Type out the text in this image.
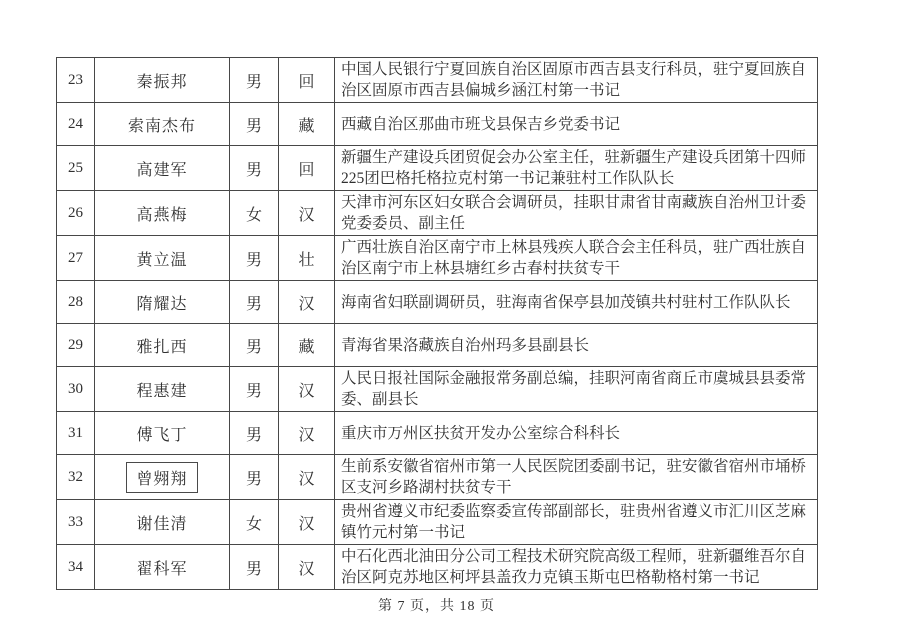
23	秦振邦	男	回	中国人民银行宁夏回族自治区固原市西吉县支行科员，驻宁夏回族自治区固原市西吉县偏城乡涵江村第一书记
24	索南杰布	男	藏	西藏自治区那曲市班戈县保吉乡党委书记
25	高建军	男	回	新疆生产建设兵团贸促会办公室主任，驻新疆生产建设兵团第十四师225团巴格托格拉克村第一书记兼驻村工作队队长
26	高燕梅	女	汉	天津市河东区妇女联合会调研员，挂职甘肃省甘南藏族自治州卫计委党委委员、副主任
27	黄立温	男	壮	广西壮族自治区南宁市上林县残疾人联合会主任科员，驻广西壮族自治区南宁市上林县塘红乡古春村扶贫专干
28	隋耀达	男	汉	海南省妇联副调研员，驻海南省保亭县加茂镇共村驻村工作队队长
29	雅扎西	男	藏	青海省果洛藏族自治州玛多县副县长
30	程惠建	男	汉	人民日报社国际金融报常务副总编，挂职河南省商丘市虞城县县委常委、副县长
31	傅飞丁	男	汉	重庆市万州区扶贫开发办公室综合科科长
32	曾翙翔	男	汉	生前系安徽省宿州市第一人民医院团委副书记，驻安徽省宿州市埇桥区支河乡路湖村扶贫专干
33	谢佳清	女	汉	贵州省遵义市纪委监察委宣传部副部长，驻贵州省遵义市汇川区芝麻镇竹元村第一书记
34	翟科军	男	汉	中石化西北油田分公司工程技术研究院高级工程师，驻新疆维吾尔自治区阿克苏地区柯坪县盖孜力克镇玉斯屯巴格勒格村第一书记
第 7 页，共 18 页
